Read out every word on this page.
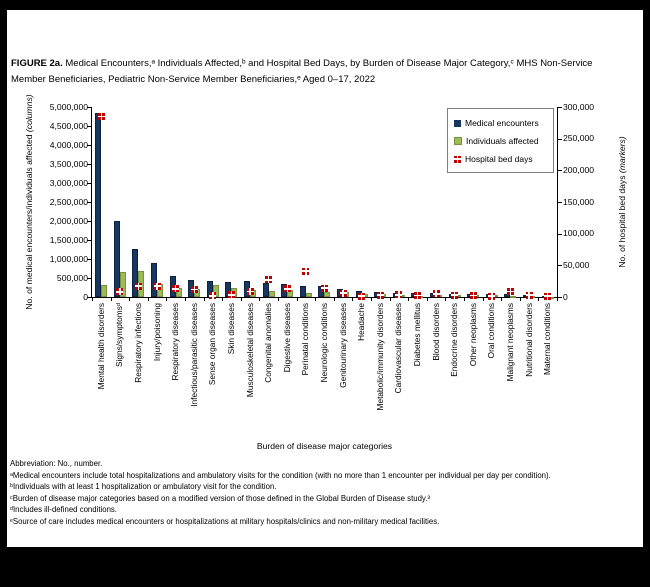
FIGURE 2a. Medical Encounters,ᵃ Individuals Affected,ᵇ and Hospital Bed Days, by Burden of Disease Major Category,ᶜ MHS Non-Service Member Beneficiaries, Pediatric Non-Service Member Beneficiaries,ᵉ Aged 0–17, 2022
No. of medical encounters/individuals affected (columns)
No. of hospital bed days (markers)
0
500,000
1,000,000
1,500,000
2,000,000
2,500,000
3,000,000
3,500,000
4,000,000
4,500,000
5,000,000
0
50,000
100,000
150,000
200,000
250,000
300,000
Mental health disorders Signs/symptomsᵈ Respiratory infections Injury/poisoning Respiratory diseases Infectious/parasitic diseases Sense organ diseases Skin diseases Musculoskeletal diseases Congenital anomalies Digestive diseases Perinatal conditions Neurologic conditions Genitourinary diseases Headache Metabolic/immunity disorders Cardiovascular diseases Diabetes mellitus Blood disorders Endocrine disorders Other neoplasms Oral conditions Malignant neoplasms Nutritional disorders Maternal conditions
Medical encounters
Individuals affected
Hospital bed days
Burden of disease major categories
Abbreviation: No., number.
ᵃMedical encounters include total hospitalizations and ambulatory visits for the condition (with no more than 1 encounter per individual per day per condition).
ᵇIndividuals with at least 1 hospitalization or ambulatory visit for the condition.
ᶜBurden of disease major categories based on a modified version of those defined in the Global Burden of Disease study.³
ᵈIncludes ill-defined conditions.
ᵉSource of care includes medical encounters or hospitalizations at military hospitals/clinics and non-military medical facilities.
